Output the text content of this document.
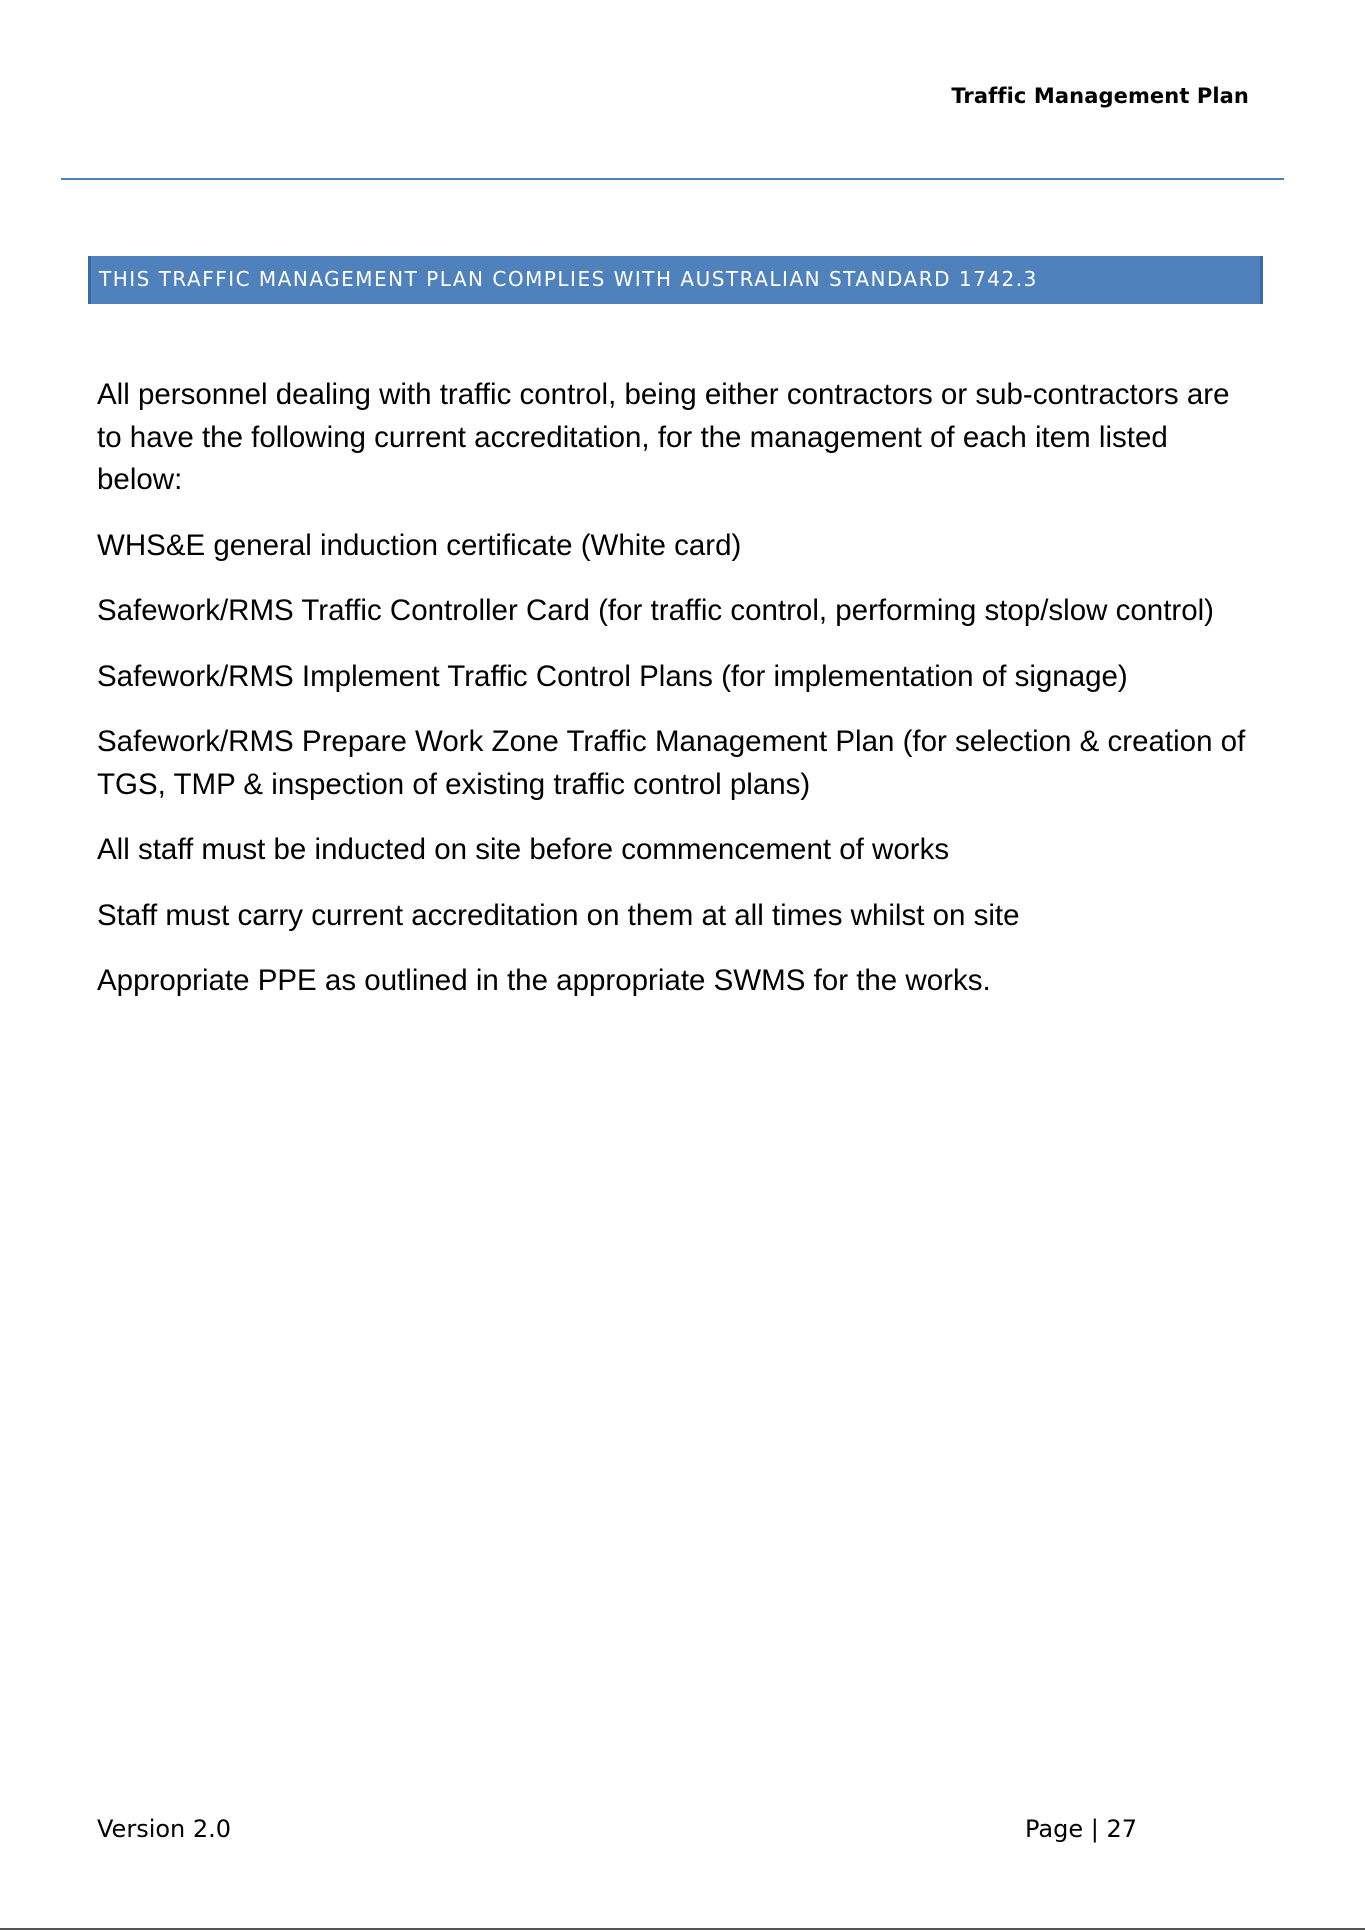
Traffic Management Plan
THIS TRAFFIC MANAGEMENT PLAN COMPLIES WITH AUSTRALIAN STANDARD 1742.3

All personnel dealing with traffic control, being either contractors or sub-contractors are to have the following current accreditation, for the management of each item listed below:

WHS&E general induction certificate (White card)

Safework/RMS Traffic Controller Card (for traffic control, performing stop/slow control)

Safework/RMS Implement Traffic Control Plans (for implementation of signage)

Safework/RMS Prepare Work Zone Traffic Management Plan (for selection & creation of TGS, TMP & inspection of existing traffic control plans)

All staff must be inducted on site before commencement of works

Staff must carry current accreditation on them at all times whilst on site

Appropriate PPE as outlined in the appropriate SWMS for the works.

Version 2.0	Page | 27
